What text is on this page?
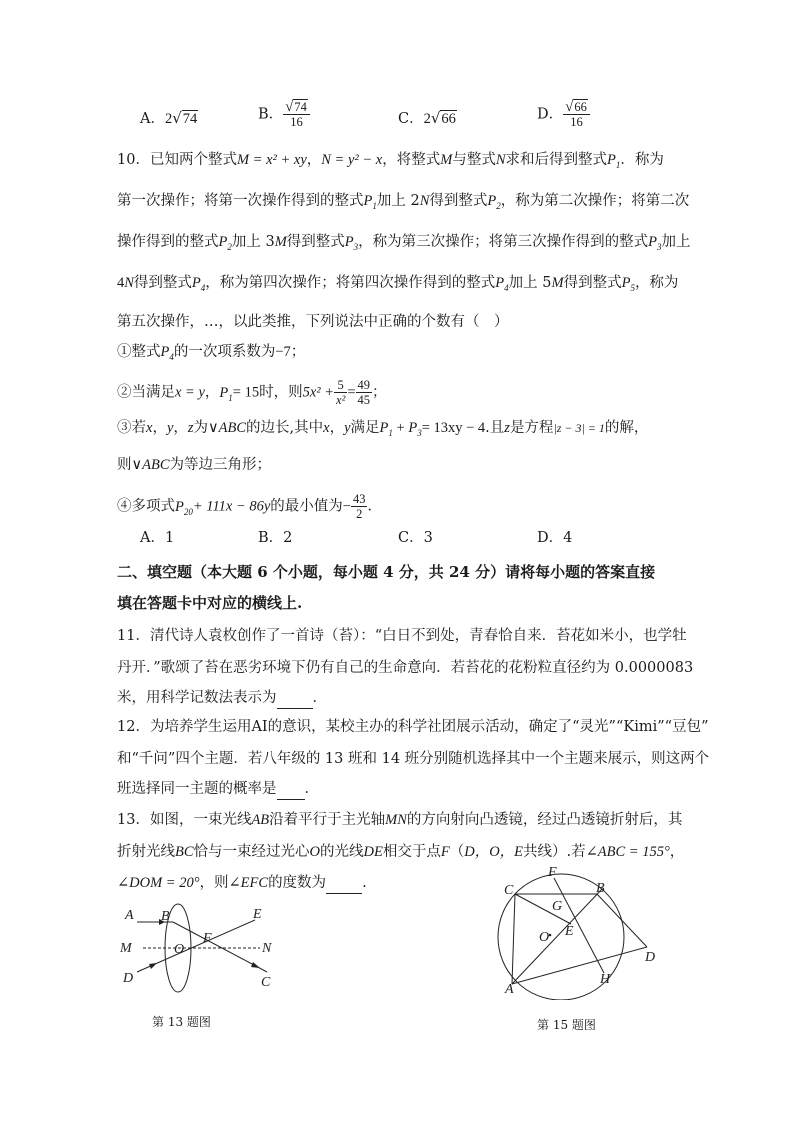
A．2√74	B． $\frac{√74}{16}$	C．2√66	D． $\frac{√66}{16}$
10．已知两个整式M = x² + xy，N = y² − x，将整式M与整式N求和后得到整式$P_1$．称为
第一次操作；将第一次操作得到的整式$P_1$加上 2N得到整式$P_2$，称为第二次操作；将第二次
操作得到的整式$P_2$加上 3M得到整式$P_3$，称为第三次操作；将第三次操作得到的整式$P_3$加上
4N得到整式$P_4$，称为第四次操作；将第四次操作得到的整式$P_4$加上 5M得到整式$P_5$，称为
第五次操作，…，以此类推，下列说法中正确的个数有（　）
①整式$P_4$的一次项系数为−7；
②当满足x = y，$P_1= 15$时，则$5x^2 + \frac{5}{\text{x²}} = \frac{49}{45}$ ；
③若x，y，z为∨ABC的边长,其中x，y满足$P_1 + P_3= 13xy - 4$.且z是方程|z − 3| = 1的解，
则∨ABC为等边三角形；
④多项式$P_{20}+ 111x - 86y$的最小值为− $\frac{43}{2}$ ．
A．1	B．2	C．3	D．4
二、填空题（本大题 6 个小题，每小题 4 分，共 24 分）请将每小题的答案直接
填在答题卡中对应的横线上.
11．清代诗人袁枚创作了一首诗（苔）：“白日不到处，青春恰自来．苔花如米小，也学牡
丹开．”歌颂了苔在恶劣环境下仍有自己的生命意向．若苔花的花粉粒直径约为 0.0000083
米，用科学记数法表示为 ．
12．为培养学生运用AI的意识，某校主办的科学社团展示活动，确定了“灵光”“Kimi”“豆包”
和“千问”四个主题．若八年级的 13 班和 14 班分别随机选择其中一个主题来展示，则这两个
班选择同一主题的概率是 ．
13．如图，一束光线AB沿着平行于主光轴MN的方向射向凸透镜，经过凸透镜折射后，其
折射光线BC恰与一束经过光心O的光线DE相交于点F（D，O，E共线）.若∠ABC = 155°，
∠DOM = 20°，则∠EFC的度数为 .
A B	E
M	O
F
N
D	C
第 13 题图
C
F
B
G
O E
D
A
H
第 15 题图
